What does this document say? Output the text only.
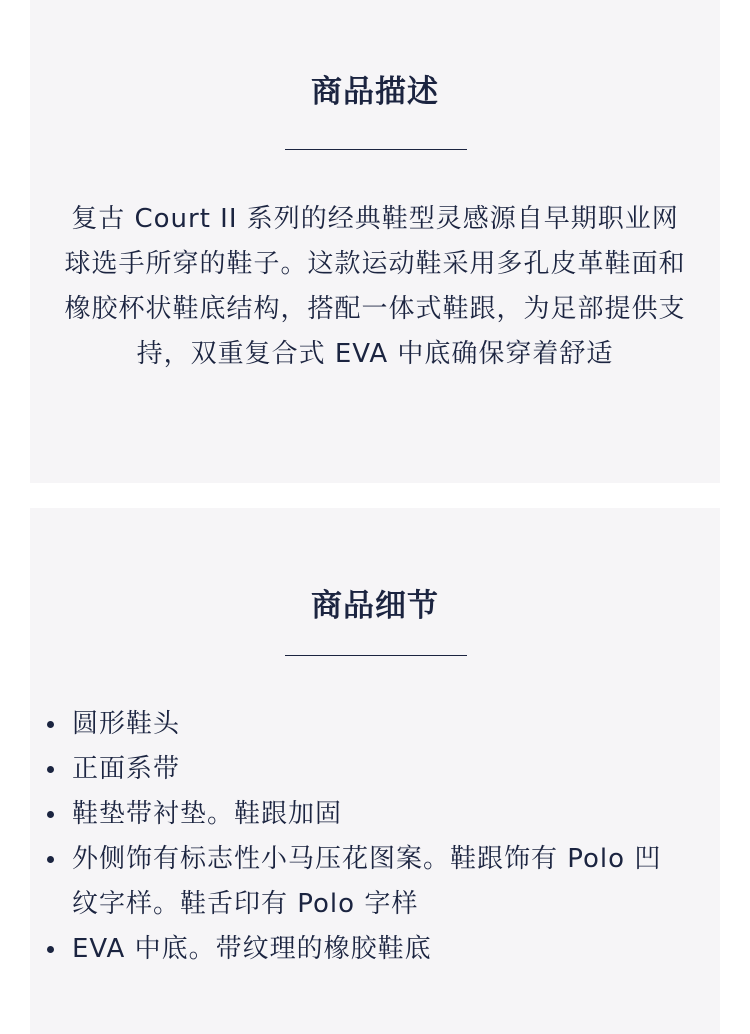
商品描述

复古 Court II 系列的经典鞋型灵感源自早期职业网球选手所穿的鞋子。这款运动鞋采用多孔皮革鞋面和橡胶杯状鞋底结构，搭配一体式鞋跟，为足部提供支持，双重复合式 EVA 中底确保穿着舒适

商品细节
圆形鞋头
正面系带
鞋垫带衬垫。鞋跟加固
外侧饰有标志性小马压花图案。鞋跟饰有 Polo 凹纹字样。鞋舌印有 Polo 字样
EVA 中底。带纹理的橡胶鞋底
